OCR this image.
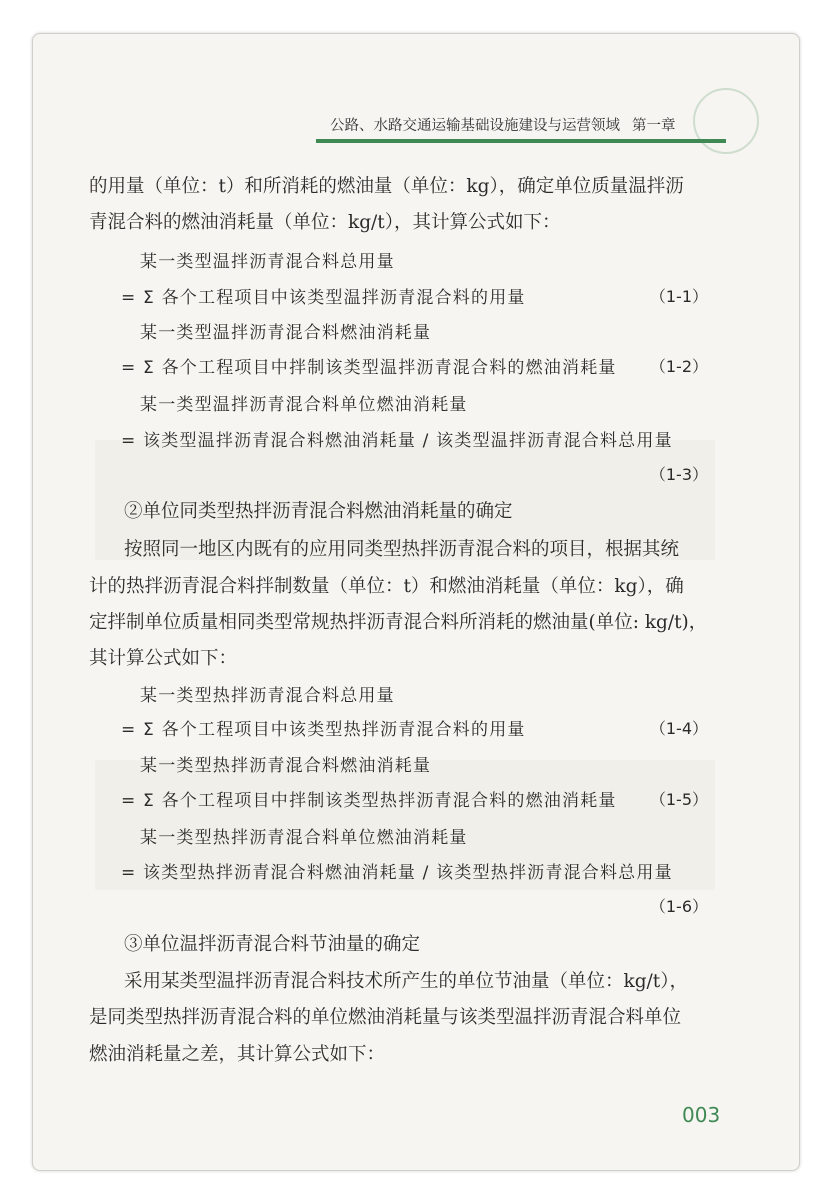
公路、水路交通运输基础设施建设与运营领域 第一章
的用量（单位：t）和所消耗的燃油量（单位：kg），确定单位质量温拌沥
青混合料的燃油消耗量（单位：kg/t），其计算公式如下：
某一类型温拌沥青混合料总用量
= Σ 各个工程项目中该类型温拌沥青混合料的用量	（1-1）
某一类型温拌沥青混合料燃油消耗量
= Σ 各个工程项目中拌制该类型温拌沥青混合料的燃油消耗量 （1-2）
某一类型温拌沥青混合料单位燃油消耗量
= 该类型温拌沥青混合料燃油消耗量 / 该类型温拌沥青混合料总用量
（1-3）
②单位同类型热拌沥青混合料燃油消耗量的确定
按照同一地区内既有的应用同类型热拌沥青混合料的项目，根据其统
计的热拌沥青混合料拌制数量（单位：t）和燃油消耗量（单位：kg），确
定拌制单位质量相同类型常规热拌沥青混合料所消耗的燃油量(单位: kg/t)，
其计算公式如下：
某一类型热拌沥青混合料总用量
= Σ 各个工程项目中该类型热拌沥青混合料的用量	（1-4）
某一类型热拌沥青混合料燃油消耗量
= Σ 各个工程项目中拌制该类型热拌沥青混合料的燃油消耗量 （1-5）
某一类型热拌沥青混合料单位燃油消耗量
= 该类型热拌沥青混合料燃油消耗量 / 该类型热拌沥青混合料总用量
（1-6）
③单位温拌沥青混合料节油量的确定
采用某类型温拌沥青混合料技术所产生的单位节油量（单位：kg/t），
是同类型热拌沥青混合料的单位燃油消耗量与该类型温拌沥青混合料单位
燃油消耗量之差，其计算公式如下：
003
